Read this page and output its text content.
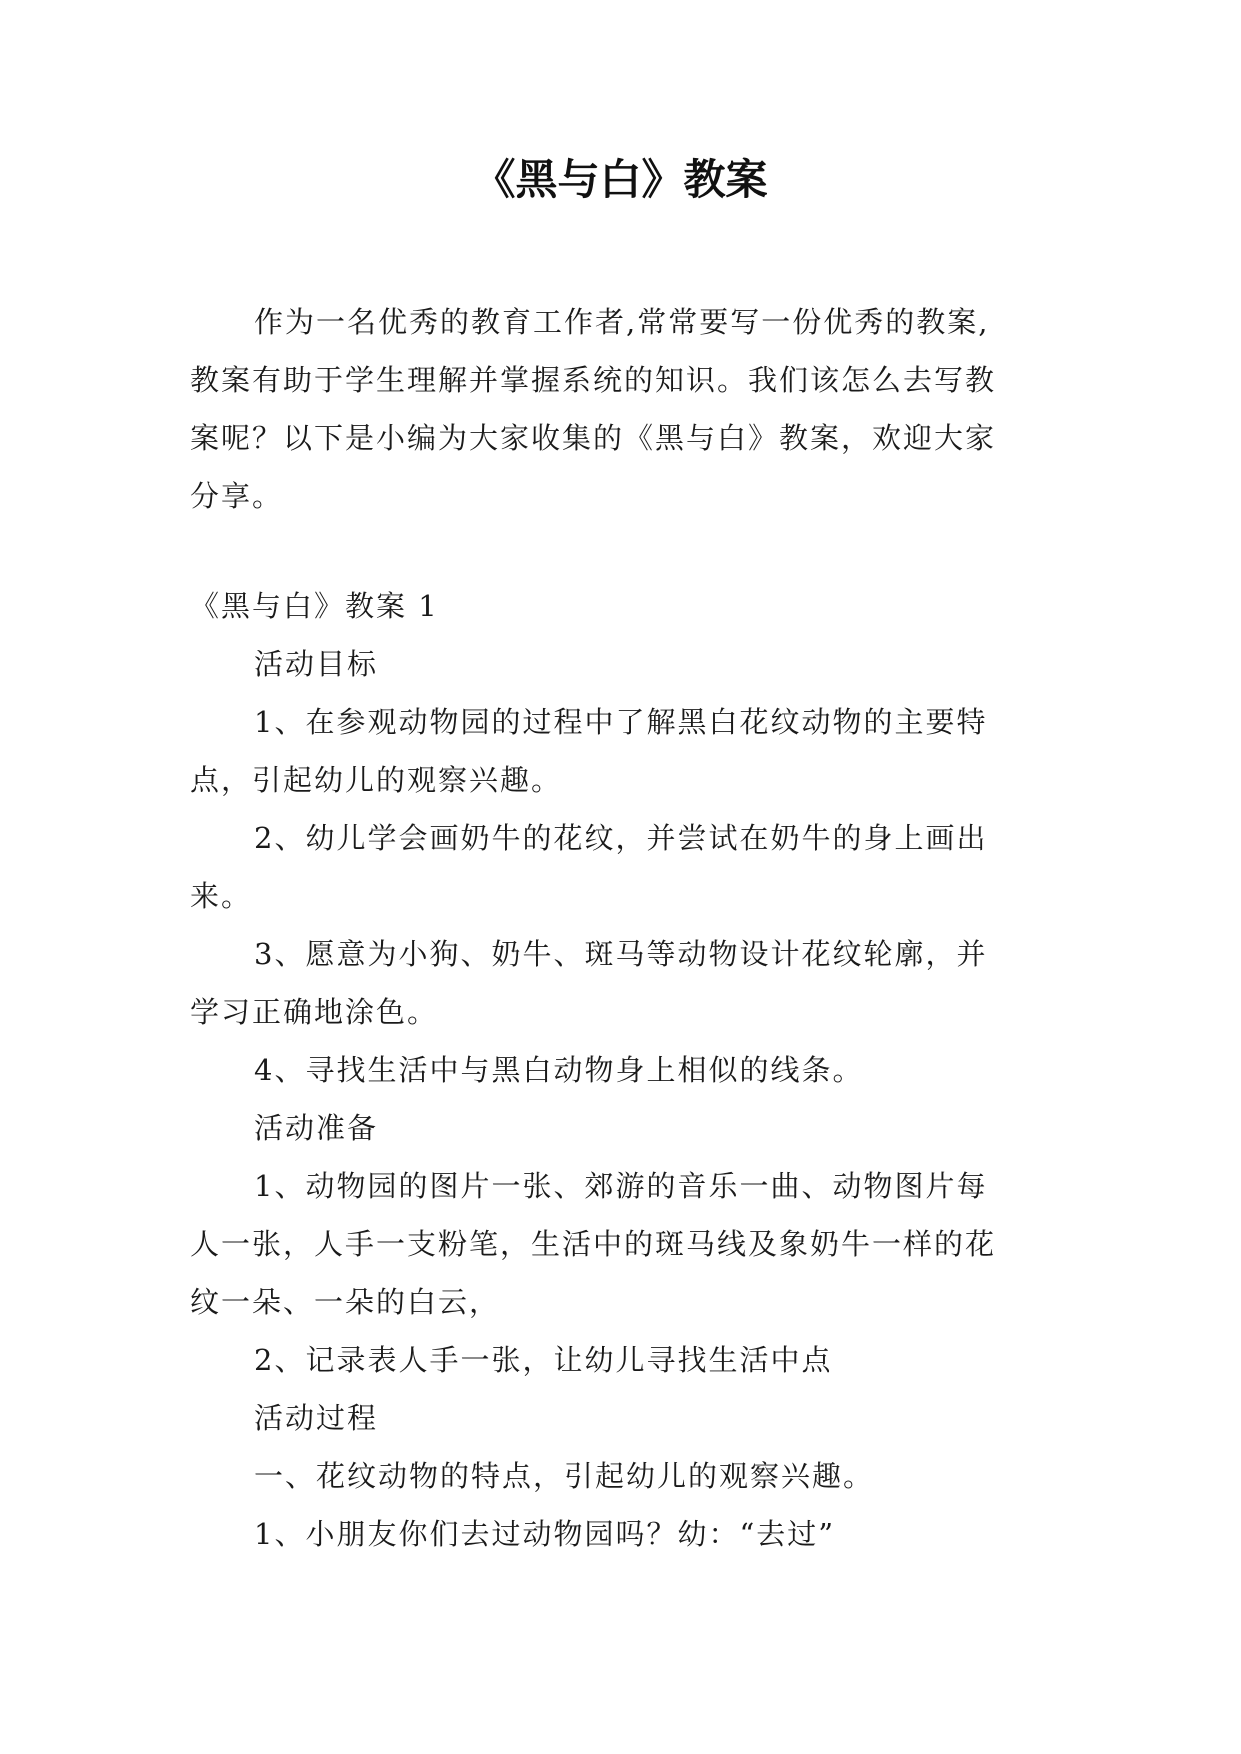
《黑与白》教案
作为一名优秀的教育工作者,常常要写一份优秀的教案,
教案有助于学生理解并掌握系统的知识。我们该怎么去写教
案呢？以下是小编为大家收集的《黑与白》教案，欢迎大家
分享。
《黑与白》教案 1

活动目标

1、在参观动物园的过程中了解黑白花纹动物的主要特
点，引起幼儿的观察兴趣。

2、幼儿学会画奶牛的花纹，并尝试在奶牛的身上画出
来。

3、愿意为小狗、奶牛、斑马等动物设计花纹轮廓，并
学习正确地涂色。

4、寻找生活中与黑白动物身上相似的线条。

活动准备

1、动物园的图片一张、郊游的音乐一曲、动物图片每
人一张，人手一支粉笔，生活中的斑马线及象奶牛一样的花
纹一朵、一朵的白云，

2、记录表人手一张，让幼儿寻找生活中点

活动过程

一、花纹动物的特点，引起幼儿的观察兴趣。

1、小朋友你们去过动物园吗？幼：“去过”
